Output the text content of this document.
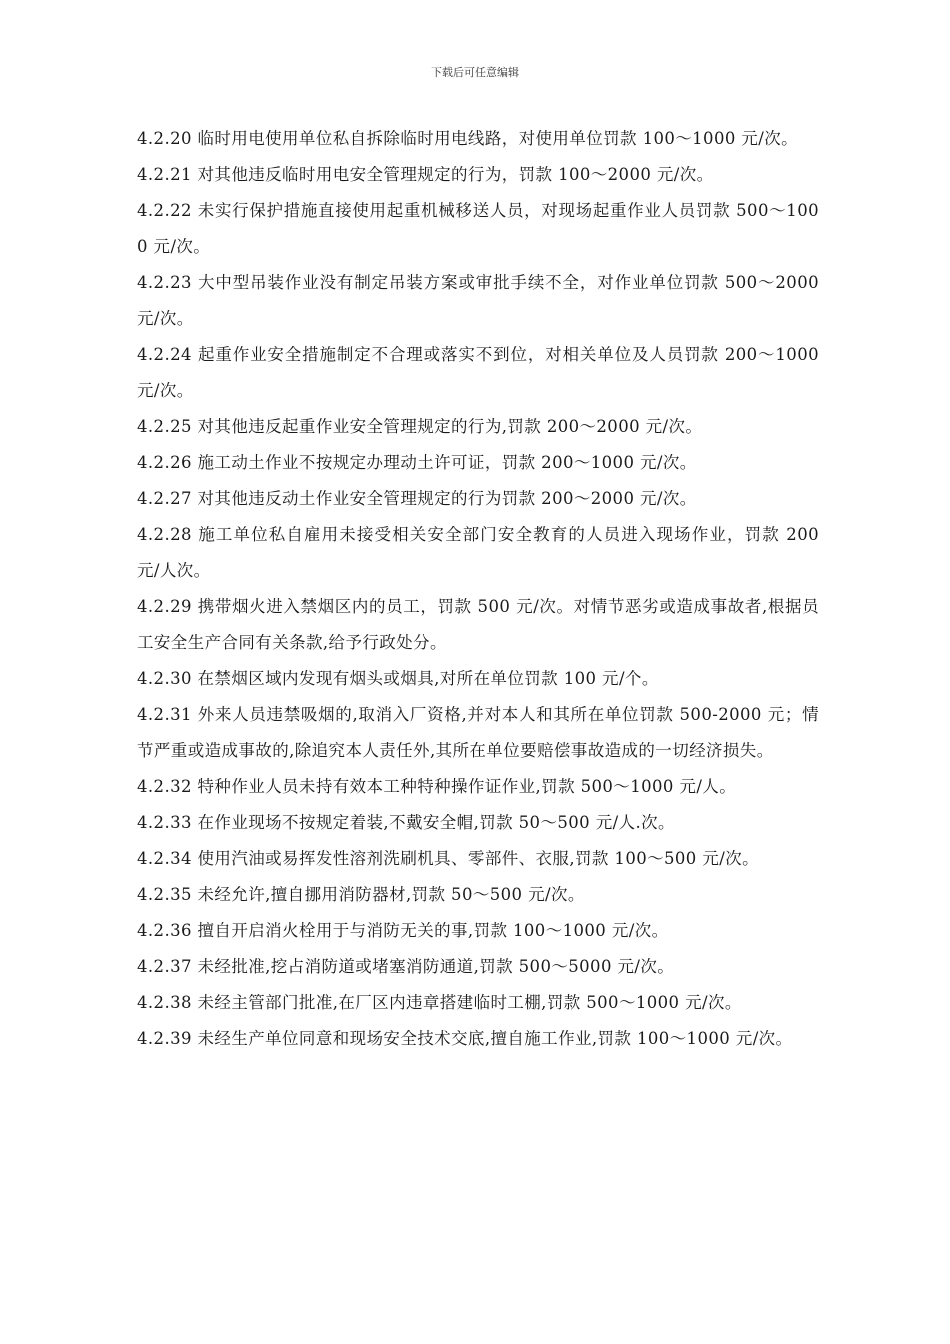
下载后可任意编辑

4.2.20 临时用电使用单位私自拆除临时用电线路，对使用单位罚款 100～1000 元/次。

4.2.21 对其他违反临时用电安全管理规定的行为，罚款 100～2000 元/次。

4.2.22 未实行保护措施直接使用起重机械移送人员，对现场起重作业人员罚款 500～1000 元/次。

4.2.23 大中型吊装作业没有制定吊装方案或审批手续不全，对作业单位罚款 500～2000 元/次。

4.2.24 起重作业安全措施制定不合理或落实不到位，对相关单位及人员罚款 200～1000 元/次。

4.2.25 对其他违反起重作业安全管理规定的行为,罚款 200～2000 元/次。

4.2.26 施工动土作业不按规定办理动土许可证，罚款 200～1000 元/次。

4.2.27 对其他违反动土作业安全管理规定的行为罚款 200～2000 元/次。

4.2.28 施工单位私自雇用未接受相关安全部门安全教育的人员进入现场作业，罚款 200 元/人次。

4.2.29 携带烟火进入禁烟区内的员工，罚款 500 元/次。对情节恶劣或造成事故者,根据员工安全生产合同有关条款,给予行政处分。

4.2.30 在禁烟区域内发现有烟头或烟具,对所在单位罚款 100 元/个。

4.2.31 外来人员违禁吸烟的,取消入厂资格,并对本人和其所在单位罚款 500-2000 元；情节严重或造成事故的,除追究本人责任外,其所在单位要赔偿事故造成的一切经济损失。

4.2.32 特种作业人员未持有效本工种特种操作证作业,罚款 500～1000 元/人。

4.2.33 在作业现场不按规定着装,不戴安全帽,罚款 50～500 元/人.次。

4.2.34 使用汽油或易挥发性溶剂洗刷机具、零部件、衣服,罚款 100～500 元/次。

4.2.35 未经允许,擅自挪用消防器材,罚款 50～500 元/次。

4.2.36 擅自开启消火栓用于与消防无关的事,罚款 100～1000 元/次。

4.2.37 未经批准,挖占消防道或堵塞消防通道,罚款 500～5000 元/次。

4.2.38 未经主管部门批准,在厂区内违章搭建临时工棚,罚款 500～1000 元/次。

4.2.39 未经生产单位同意和现场安全技术交底,擅自施工作业,罚款 100～1000 元/次。
